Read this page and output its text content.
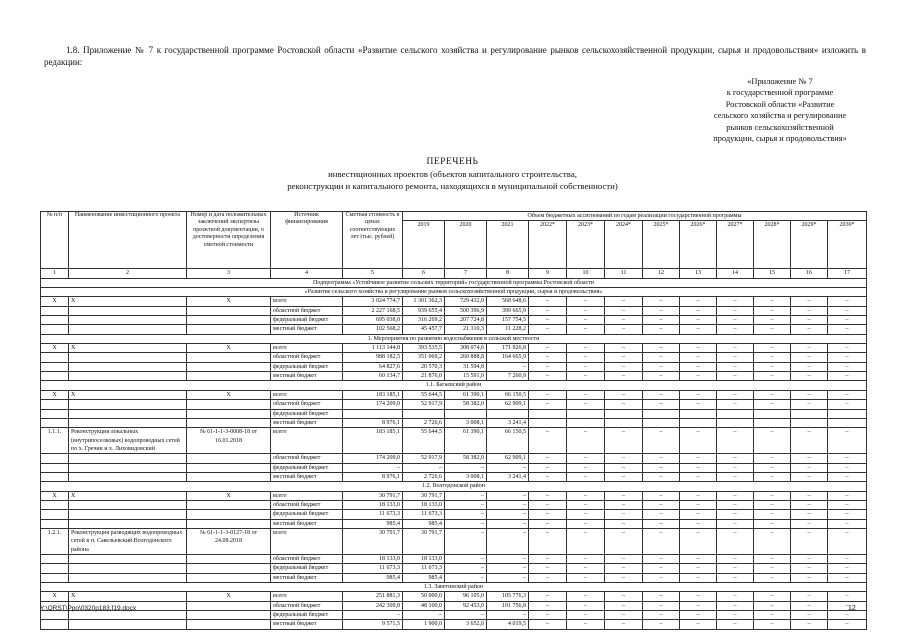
1.8. Приложение № 7 к государственной программе Ростовской области «Развитие сельского хозяйства и регулирование рынков сельскохозяйственной продукции, сырья и продовольствия» изложить в редакции:
«Приложение № 7
к государственной программе
Ростовской области «Развитие
сельского хозяйства и регулирование
рынков сельскохозяйственной
продукции, сырья и продовольствия»
ПЕРЕЧЕНЬ
инвестиционных проектов (объектов капитального строительства,
реконструкции и капитального ремонта, находящихся в муниципальной собственности)
№ п/п	Наименование инвестиционного проекта	Номер и дата положительных заключений экспертизы проектной документации, о достоверности определения сметной стоимости	Источник финансирования	Сметная стоимость в ценах соответствующих лет (тыс. рублей)	Объем бюджетных ассигнований по годам реализации государственной программы											
					2019	2020	2021	2022*	2023*	2024*	2025*	2026*	2027*	2028*	2029*	2030*
1	2	3	4	5	6	7	8	9	10	11	12	13	14	15	16	17
Подпрограмма «Устойчивое развитие сельских территорий» государственной программы Ростовской области																
«Развитие сельского хозяйства и регулирование рынков сельскохозяйственной продукции, сырья и продовольствия»																
Х	Х	Х	всего	3 024 774,7	1 301 362,3	729 432,0	568 648,6	–	–	–	–	–	–	–	–	–
			областной бюджет	2 227 168,5	939 655,4	500 396,9	399 665,9	–	–	–	–	–	–	–	–	–
			федеральный бюджет	695 038,0	316 269,2	207 724,8	157 754,5	–	–	–	–	–	–	–	–	–
			местный бюджет	102 568,2	45 457,7	21 310,3	11 228,2	–	–	–	–	–	–	–	–	–
1. Мероприятия по развитию водоснабжения в сельской местности																
Х	Х	Х	всего	1 113 144,8	393 535,5	308 074,6	171 926,8	–	–	–	–	–	–	–	–	–
			областной бюджет	988 182,5	351 069,2	260 888,8	164 665,9	–	–	–	–	–	–	–	–	–
			федеральный бюджет	64 827,6	20 570,3	31 594,8	–	–	–	–	–	–	–	–	–	–
			местный бюджет	60 134,7	21 876,0	15 591,0	7 260,9	–	–	–	–	–	–	–	–	–
1.1. Багаевский район																
Х	Х	Х	всего	183 185,1	55 644,5	61 390,1	66 150,5	–	–	–	–	–	–	–	–	–
			областной бюджет	174 209,0	52 917,9	58 382,0	62 909,1	–	–	–	–	–	–	–	–	–
			федеральный бюджет													
			местный бюджет	8 976,1	2 726,6	3 008,1	3 241,4									
1.1.1.	Реконструкция локальных (внутрипоселковых) водопроводных сетей по х. Гречин и х. Лиховидовский	№ 61-1-1-3-0008-18 от 16.01.2018	всего	183 185,1	55 644,5	61 390,1	66 150,5	–	–	–	–	–	–	–	–	–
			областной бюджет	174 209,0	52 917,9	58 382,0	62 909,1	–	–	–	–	–	–	–	–	–
			федеральный бюджет	–	–	–	–	–	–	–	–	–	–	–	–	–
			местный бюджет	8 976,1	2 726,6	3 008,1	3 241,4	–	–	–	–	–	–	–	–	–
1.2. Волгодонской район																
Х	Х	Х	всего	30 791,7	30 791,7	–	–	–	–	–	–	–	–	–	–	–
			областной бюджет	18 133,0	18 133,0	–	–	–	–	–	–	–	–	–	–	–
			федеральный бюджет	11 673,3	11 673,3	–	–	–	–	–	–	–	–	–	–	–
			местный бюджет	985,4	985,4	–	–	–	–	–	–	–	–	–	–	–
1.2.1.	Реконструкция разводящих водопроводных сетей в п. Савельевский Волгодонского района	№ 61-1-1-3-0127-18 от 24.08.2018	всего	30 791,7	30 791,7	–	–	–	–	–	–	–	–	–	–	–
			областной бюджет	18 133,0	18 133,0	–	–	–	–	–	–	–	–	–	–	–
			федеральный бюджет	11 673,3	11 673,3	–	–	–	–	–	–	–	–	–	–	–
			местный бюджет	985,4	985,4	–	–	–	–	–	–	–	–	–	–	–
1.3. Заветинский район																
Х	Х	Х	всего	251 881,3	50 000,0	96 105,0	105 776,3	–	–	–	–	–	–	–	–	–
			областной бюджет	242 309,8	48 100,0	92 453,0	101 756,8	–	–	–	–	–	–	–	–	–
			федеральный бюджет	–	–	–	–	–	–	–	–	–	–	–	–	–
			местный бюджет	9 571,5	1 900,0	3 652,0	4 019,5	–	–	–	–	–	–	–	–	–
Y:\ORST\Ppo\0320p183.f19.docx	12
